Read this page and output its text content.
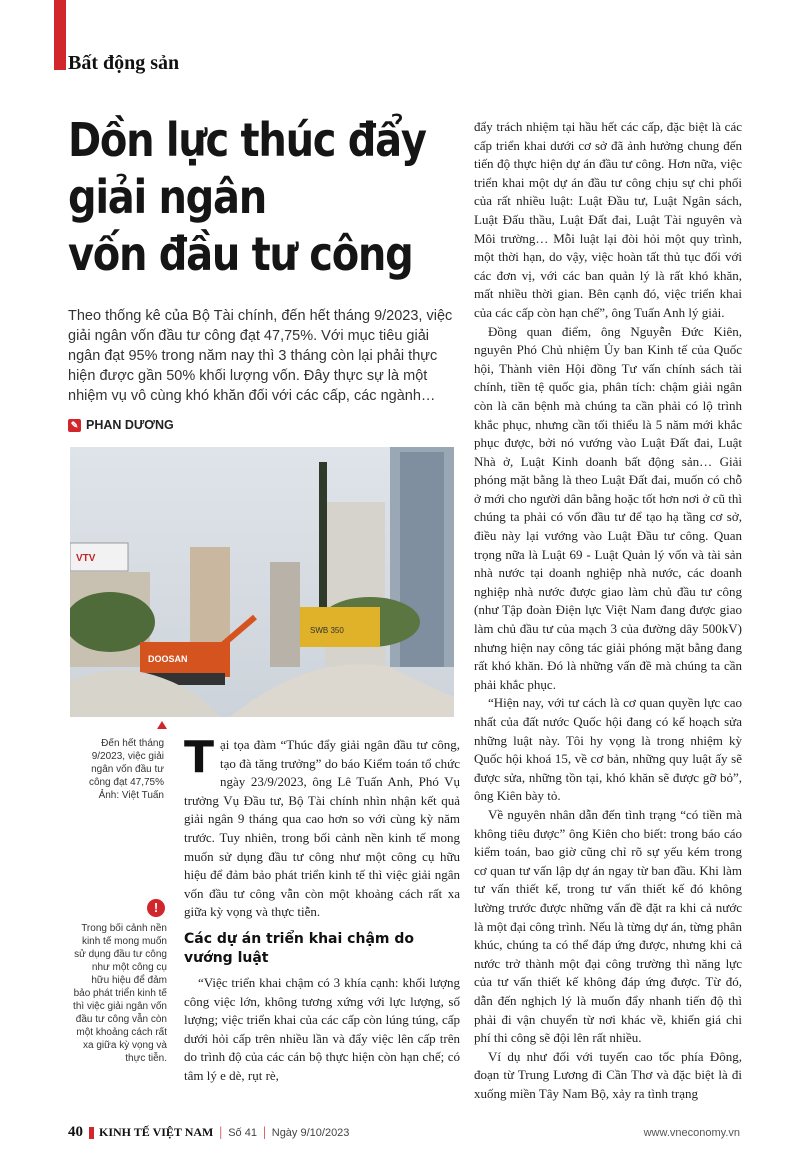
Bất động sản
Dồn lực thúc đẩy
giải ngân
vốn đầu tư công
Theo thống kê của Bộ Tài chính, đến hết tháng 9/2023, việc giải ngân vốn đầu tư công đạt 47,75%. Với mục tiêu giải ngân đạt 95% trong năm nay thì 3 tháng còn lại phải thực hiện được gần 50% khối lượng vốn. Đây thực sự là một nhiệm vụ vô cùng khó khăn đối với các cấp, các ngành…
✎ PHAN DƯƠNG
VTV
SWB 350
DOOSAN
Đến hết tháng 9/2023, việc giải ngân vốn đầu tư công đạt 47,75%
Ảnh: Việt Tuấn
!
Trong bối cảnh nền kinh tế mong muốn sử dụng đầu tư công như một công cụ hữu hiệu để đảm bảo phát triển kinh tế thì việc giải ngân vốn đầu tư công vẫn còn một khoảng cách rất xa giữa kỳ vọng và thực tiễn.

Tại tọa đàm “Thúc đẩy giải ngân đầu tư công, tạo đà tăng trưởng” do báo Kiểm toán tổ chức ngày 23/9/2023, ông Lê Tuấn Anh, Phó Vụ trưởng Vụ Đầu tư, Bộ Tài chính nhìn nhận kết quả giải ngân 9 tháng qua cao hơn so với cùng kỳ năm trước. Tuy nhiên, trong bối cảnh nền kinh tế mong muốn sử dụng đầu tư công như một công cụ hữu hiệu để đảm bảo phát triển kinh tế thì việc giải ngân vốn đầu tư công vẫn còn một khoảng cách rất xa giữa kỳ vọng và thực tiễn.

Các dự án triển khai chậm do vướng luật

“Việc triển khai chậm có 3 khía cạnh: khối lượng công việc lớn, không tương xứng với lực lượng, số lượng; việc triển khai của các cấp còn lúng túng, cấp dưới hỏi cấp trên nhiều lần và đẩy việc lên cấp trên do trình độ của các cán bộ thực hiện còn hạn chế; có tâm lý e dè, rụt rè,

đẩy trách nhiệm tại hầu hết các cấp, đặc biệt là các cấp triển khai dưới cơ sở đã ảnh hưởng chung đến tiến độ thực hiện dự án đầu tư công. Hơn nữa, việc triển khai một dự án đầu tư công chịu sự chi phối của rất nhiều luật: Luật Đầu tư, Luật Ngân sách, Luật Đấu thầu, Luật Đất đai, Luật Tài nguyên và Môi trường… Mỗi luật lại đòi hỏi một quy trình, một thời hạn, do vậy, việc hoàn tất thủ tục đối với các đơn vị, với các ban quản lý là rất khó khăn, mất nhiều thời gian. Bên cạnh đó, việc triển khai của các cấp còn hạn chế”, ông Tuấn Anh lý giải.

Đồng quan điểm, ông Nguyễn Đức Kiên, nguyên Phó Chủ nhiệm Ủy ban Kinh tế của Quốc hội, Thành viên Hội đồng Tư vấn chính sách tài chính, tiền tệ quốc gia, phân tích: chậm giải ngân còn là căn bệnh mà chúng ta cần phải có lộ trình khắc phục, nhưng cần tối thiểu là 5 năm mới khắc phục được, bởi nó vướng vào Luật Đất đai, Luật Nhà ở, Luật Kinh doanh bất động sản… Giải phóng mặt bằng là theo Luật Đất đai, muốn có chỗ ở mới cho người dân bằng hoặc tốt hơn nơi ở cũ thì chúng ta phải có vốn đầu tư để tạo hạ tầng cơ sở, điều này lại vướng vào Luật Đầu tư công. Quan trọng nữa là Luật 69 - Luật Quản lý vốn và tài sản nhà nước tại doanh nghiệp nhà nước, các doanh nghiệp nhà nước được giao làm chủ đầu tư công (như Tập đoàn Điện lực Việt Nam đang được giao làm chủ đầu tư của mạch 3 của đường dây 500kV) nhưng hiện nay công tác giải phóng mặt bằng đang rất khó khăn. Đó là những vấn đề mà chúng ta cần phải khắc phục.

“Hiện nay, với tư cách là cơ quan quyền lực cao nhất của đất nước Quốc hội đang có kế hoạch sửa những luật này. Tôi hy vọng là trong nhiệm kỳ Quốc hội khoá 15, về cơ bản, những quy luật ấy sẽ được sửa, những tồn tại, khó khăn sẽ được gỡ bỏ”, ông Kiên bày tỏ.

Về nguyên nhân dẫn đến tình trạng “có tiền mà không tiêu được” ông Kiên cho biết: trong báo cáo kiểm toán, bao giờ cũng chỉ rõ sự yếu kém trong cơ quan tư vấn lập dự án ngay từ ban đầu. Khi làm tư vấn thiết kế, trong tư vấn thiết kế đó không lường trước được những vấn đề đặt ra khi cả nước là một đại công trình. Nếu là từng dự án, từng phân khúc, chúng ta có thể đáp ứng được, nhưng khi cả nước trở thành một đại công trường thì năng lực của tư vấn thiết kế không đáp ứng được. Từ đó, dẫn đến nghịch lý là muốn đẩy nhanh tiến độ thì phải đi vận chuyển từ nơi khác về, khiến giá chi phí thi công sẽ đội lên rất nhiều.

Ví dụ như đối với tuyến cao tốc phía Đông, đoạn từ Trung Lương đi Cần Thơ và đặc biệt là đi xuống miền Tây Nam Bộ, xảy ra tình trạng

40 KINH TẾ VIỆT NAM | Số 41 | Ngày 9/10/2023	www.vneconomy.vn
